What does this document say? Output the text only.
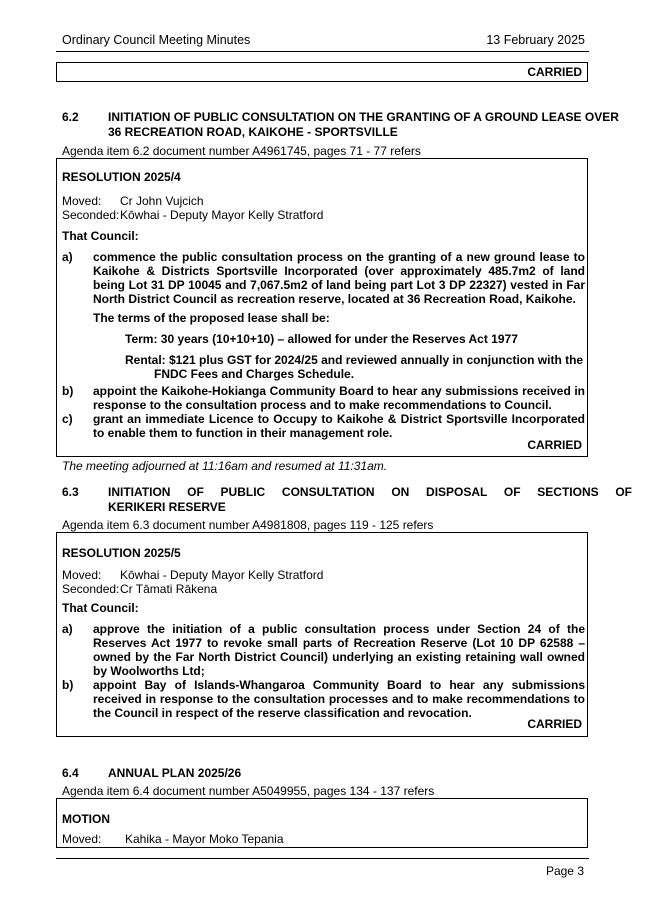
Ordinary Council Meeting Minutes	13 February 2025
CARRIED
6.2	INITIATION OF PUBLIC CONSULTATION ON THE GRANTING OF A GROUND LEASE OVER 36 RECREATION ROAD, KAIKOHE - SPORTSVILLE
Agenda item 6.2 document number A4961745, pages 71 - 77 refers
RESOLUTION 2025/4
Moved: Cr John Vujcich
Seconded: Kōwhai - Deputy Mayor Kelly Stratford
That Council:
a) commence the public consultation process on the granting of a new ground lease to Kaikohe & Districts Sportsville Incorporated (over approximately 485.7m2 of land being Lot 31 DP 10045 and 7,067.5m2 of land being part Lot 3 DP 22327) vested in Far North District Council as recreation reserve, located at 36 Recreation Road, Kaikohe.
The terms of the proposed lease shall be:
Term: 30 years (10+10+10) – allowed for under the Reserves Act 1977
Rental: $121 plus GST for 2024/25 and reviewed annually in conjunction with the
FNDC Fees and Charges Schedule.
b) appoint the Kaikohe-Hokianga Community Board to hear any submissions received in response to the consultation process and to make recommendations to Council.
c) grant an immediate Licence to Occupy to Kaikohe & District Sportsville Incorporated to enable them to function in their management role.
CARRIED
The meeting adjourned at 11:16am and resumed at 11:31am.
6.3	INITIATION OF PUBLIC CONSULTATION ON DISPOSAL OF SECTIONS OF
KERIKERI RESERVE
Agenda item 6.3 document number A4981808, pages 119 - 125 refers
RESOLUTION 2025/5
Moved: Kōwhai - Deputy Mayor Kelly Stratford
Seconded: Cr Tāmati Rākena
That Council:
a) approve the initiation of a public consultation process under Section 24 of the Reserves Act 1977 to revoke small parts of Recreation Reserve (Lot 10 DP 62588 – owned by the Far North District Council) underlying an existing retaining wall owned by Woolworths Ltd;
b) appoint Bay of Islands-Whangaroa Community Board to hear any submissions received in response to the consultation processes and to make recommendations to the Council in respect of the reserve classification and revocation.
CARRIED
6.4	ANNUAL PLAN 2025/26
Agenda item 6.4 document number A5049955, pages 134 - 137 refers
MOTION
Moved: Kahika - Mayor Moko Tepania
Page 3
